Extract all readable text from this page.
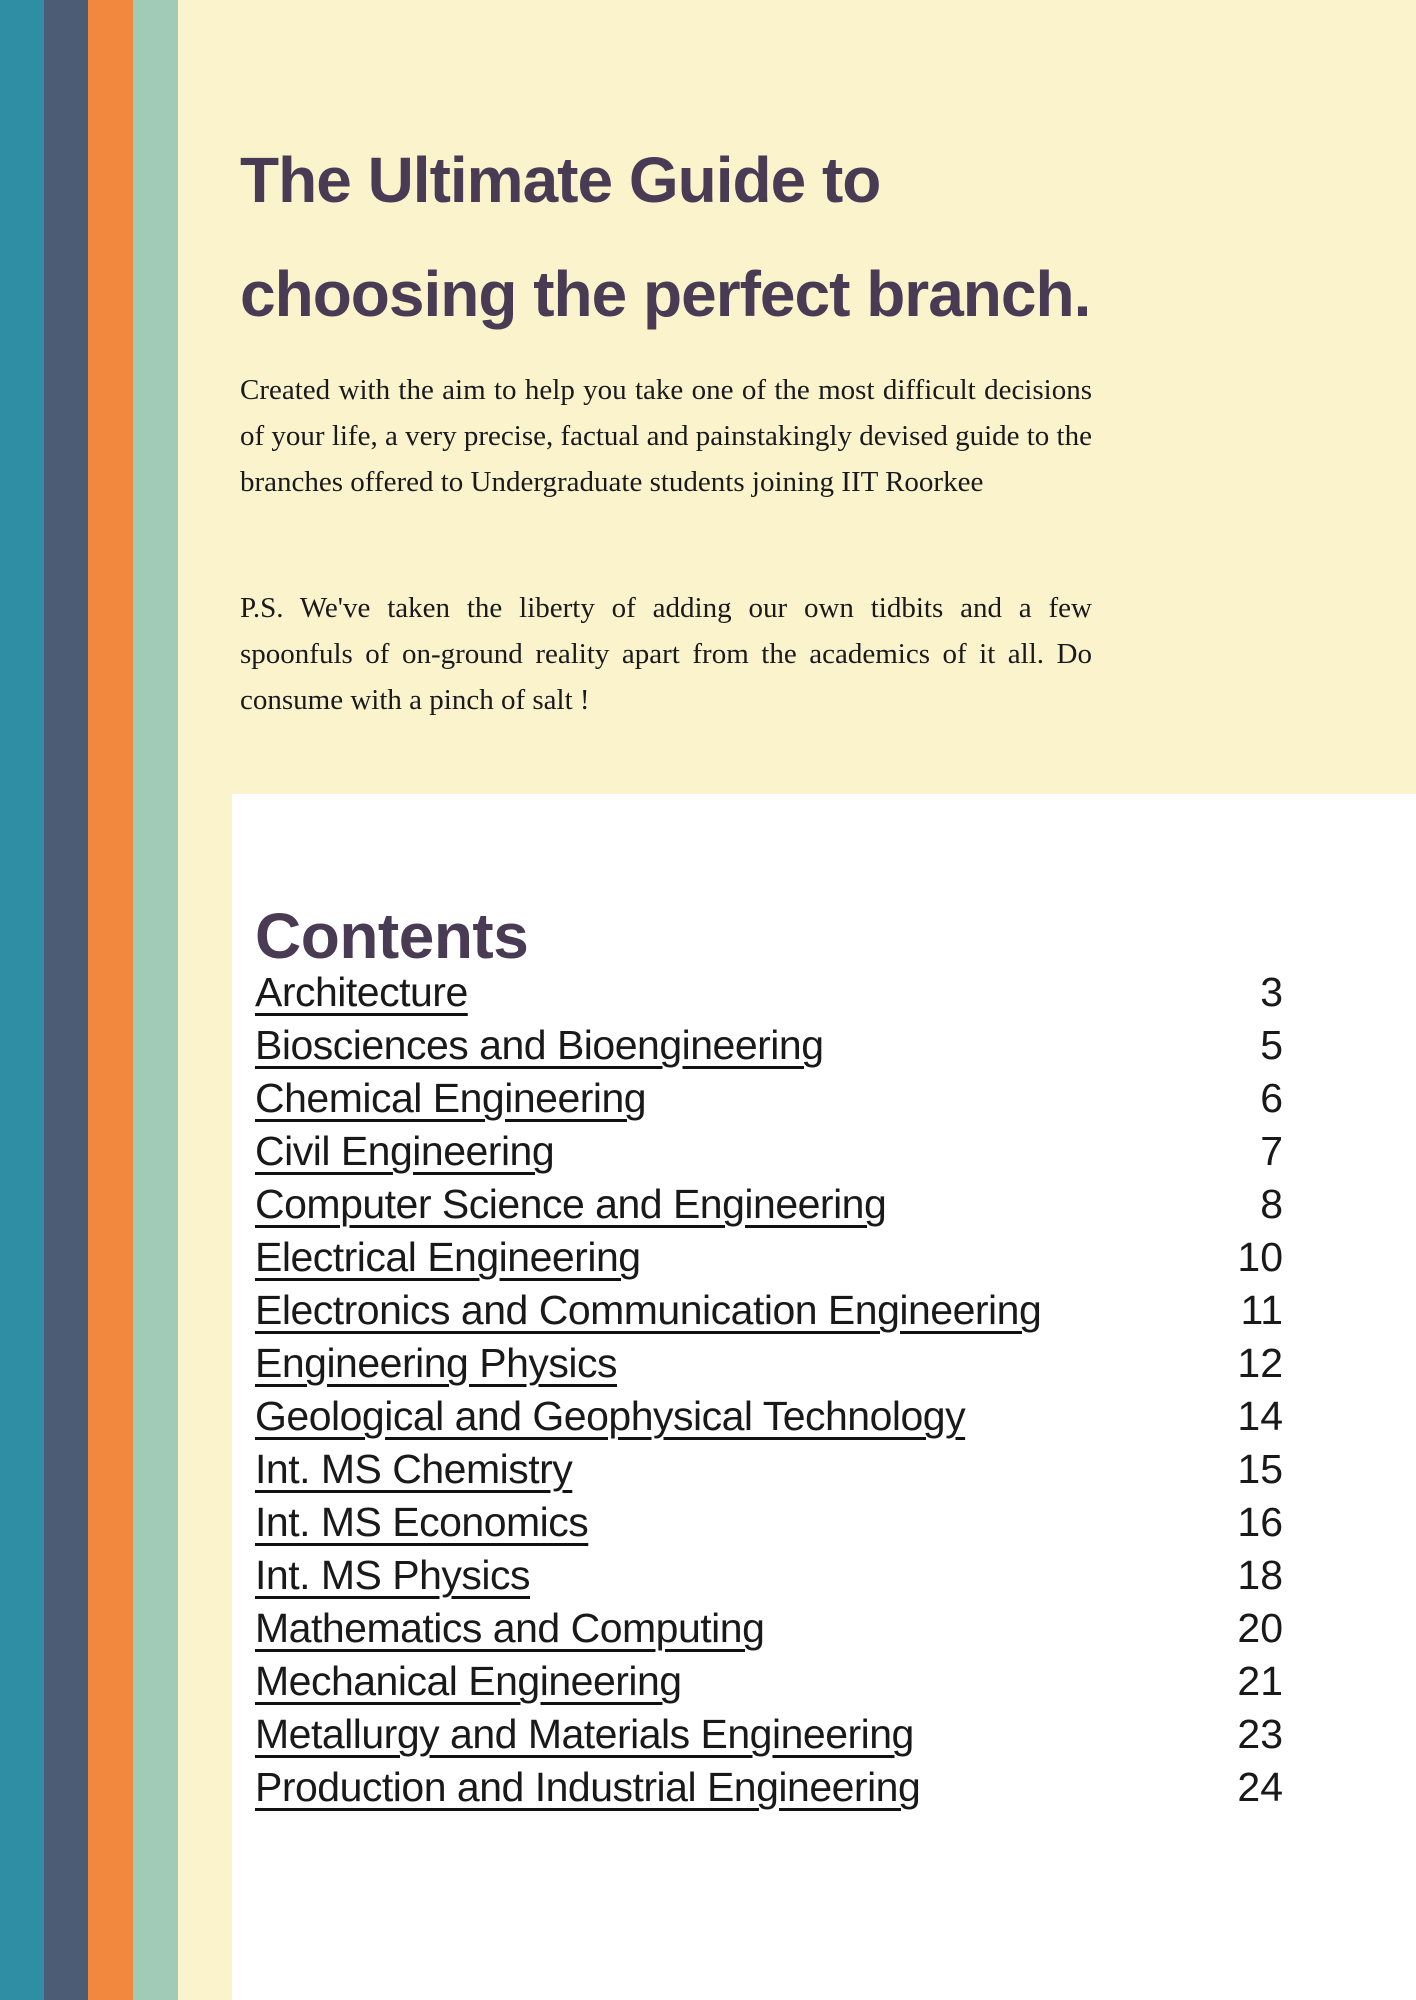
The Ultimate Guide to
choosing the perfect branch.

Created with the aim to help you take one of the most difficult decisions of your life, a very precise, factual and painstakingly devised guide to the branches offered to Undergraduate students joining IIT Roorkee

P.S. We've taken the liberty of adding our own tidbits and a few spoonfuls of on-ground reality apart from the academics of it all. Do consume with a pinch of salt !

Contents
Architecture	3
Biosciences and Bioengineering	5
Chemical Engineering	6
Civil Engineering	7
Computer Science and Engineering	8
Electrical Engineering	10
Electronics and Communication Engineering	11
Engineering Physics	12
Geological and Geophysical Technology	14
Int. MS Chemistry	15
Int. MS Economics	16
Int. MS Physics	18
Mathematics and Computing	20
Mechanical Engineering	21
Metallurgy and Materials Engineering	23
Production and Industrial Engineering	24
